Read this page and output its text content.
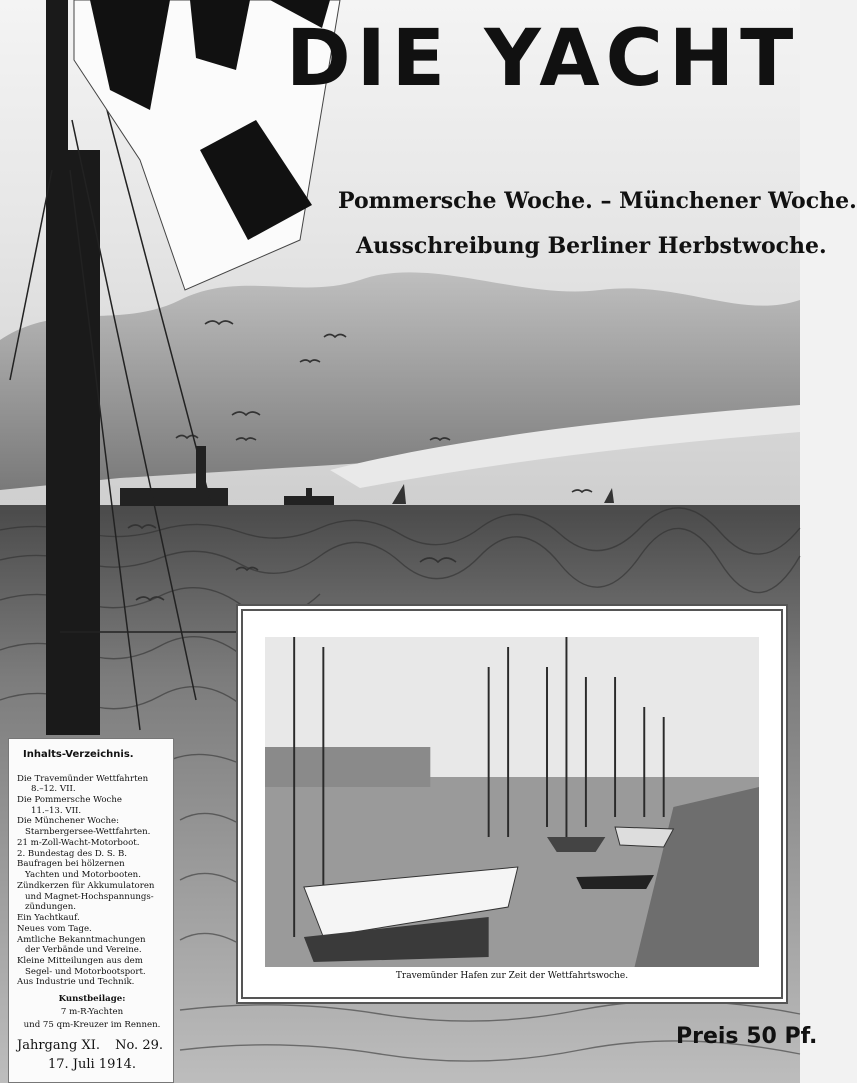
DIE YACHT
Pommersche Woche. – Münchener Woche.
Ausschreibung Berliner Herbstwoche.
Inhalts-Verzeichnis.

Die Travemünder Wettfahrten

8.–12. VII.

Die Pommersche Woche

11.–13. VII.

Die Münchener Woche:

Starnbergersee-Wettfahrten.

21 m-Zoll-Wacht-Motorboot.

2. Bundestag des D. S. B.

Baufragen bei hölzernen

Yachten und Motorbooten.

Zündkerzen für Akkumulatoren

und Magnet-Hochspannungs-

zündungen.

Ein Yachtkauf.

Neues vom Tage.

Amtliche Bekanntmachungen

der Verbände und Vereine.

Kleine Mitteilungen aus dem

Segel- und Motorbootsport.

Aus Industrie und Technik.

Kunstbeilage:

7 m-R-Yachten

und 75 qm-Kreuzer im Rennen.

Jahrgang XI. No. 29.
17. Juli 1914.
Travemünder Hafen zur Zeit der Wettfahrtswoche.
Preis 50 Pf.
